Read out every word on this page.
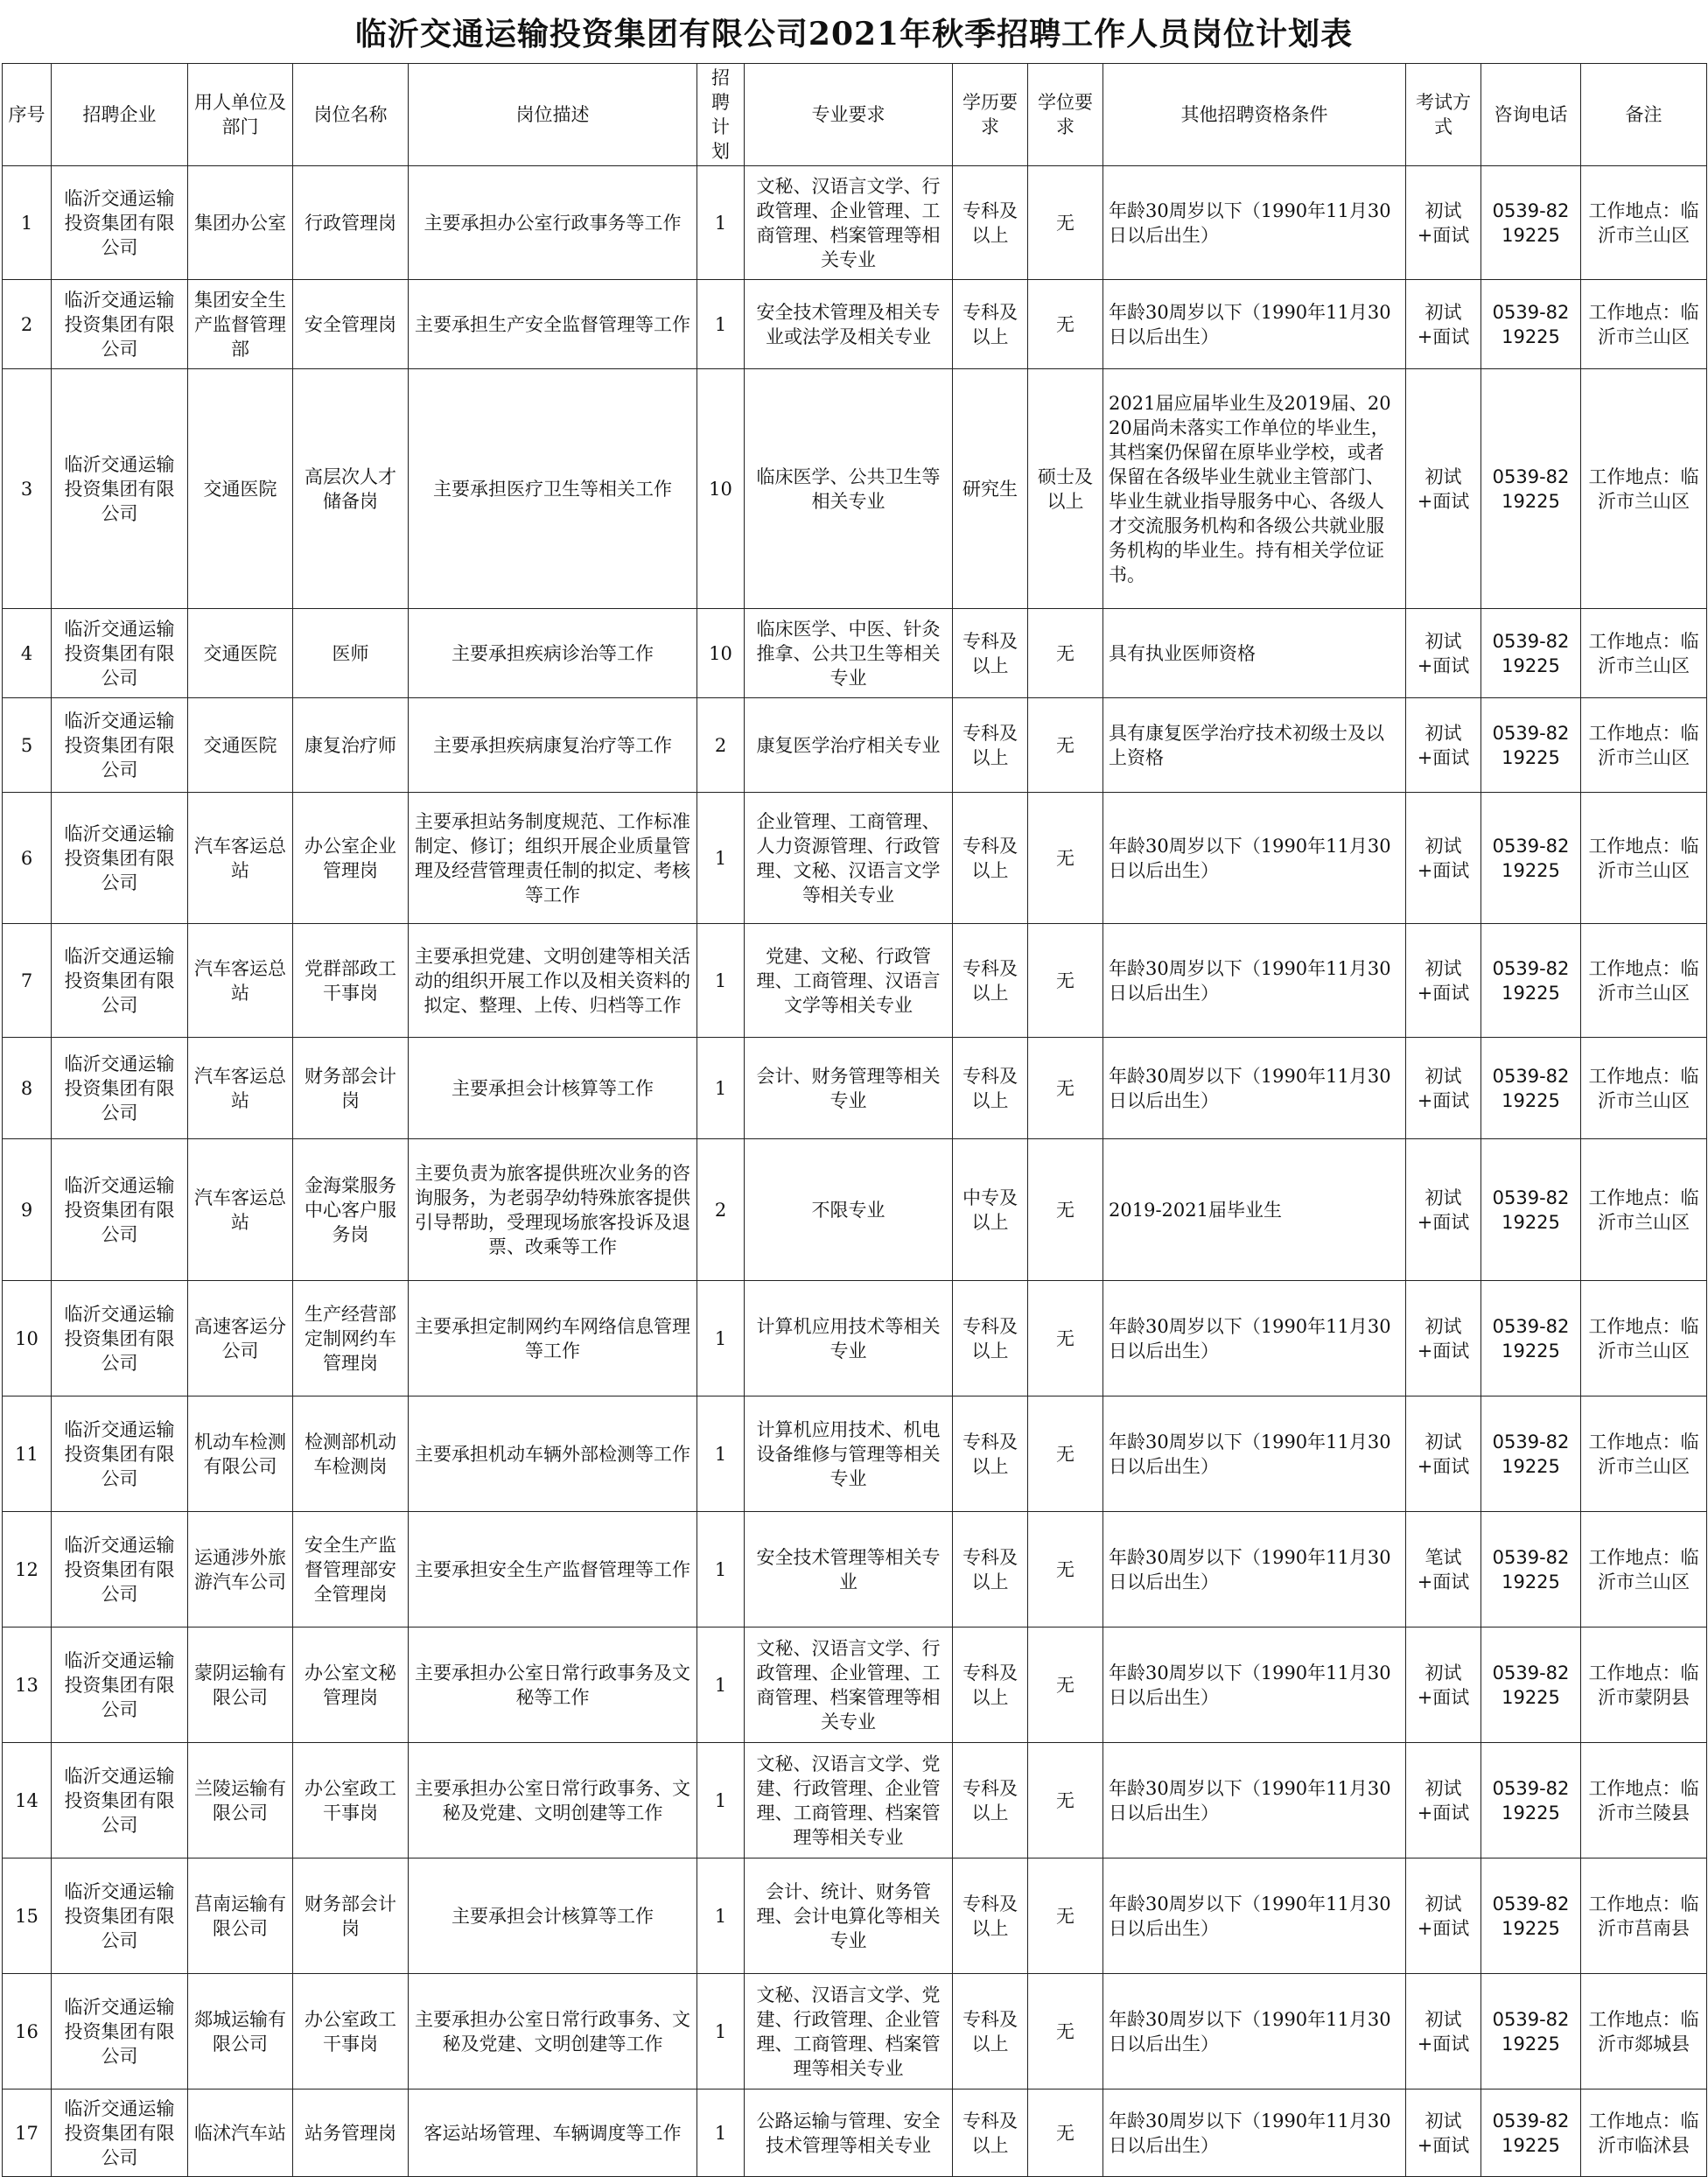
临沂交通运输投资集团有限公司2021年秋季招聘工作人员岗位计划表
序号	招聘企业	用人单位及部门	岗位名称	岗位描述	招聘计划	专业要求	学历要求	学位要求	其他招聘资格条件	考试方式	咨询电话	备注
1	临沂交通运输投资集团有限公司	集团办公室	行政管理岗	主要承担办公室行政事务等工作	1	文秘、汉语言文学、行政管理、企业管理、工商管理、档案管理等相关专业	专科及以上	无	年龄30周岁以下（1990年11月30日以后出生）	初试+面试	0539-8219225	工作地点：临沂市兰山区
2	临沂交通运输投资集团有限公司	集团安全生产监督管理部	安全管理岗	主要承担生产安全监督管理等工作	1	安全技术管理及相关专业或法学及相关专业	专科及以上	无	年龄30周岁以下（1990年11月30日以后出生）	初试+面试	0539-8219225	工作地点：临沂市兰山区
3	临沂交通运输投资集团有限公司	交通医院	高层次人才储备岗	主要承担医疗卫生等相关工作	10	临床医学、公共卫生等相关专业	研究生	硕士及以上	2021届应届毕业生及2019届、2020届尚未落实工作单位的毕业生，其档案仍保留在原毕业学校，或者保留在各级毕业生就业主管部门、毕业生就业指导服务中心、各级人才交流服务机构和各级公共就业服务机构的毕业生。持有相关学位证书。	初试+面试	0539-8219225	工作地点：临沂市兰山区
4	临沂交通运输投资集团有限公司	交通医院	医师	主要承担疾病诊治等工作	10	临床医学、中医、针灸推拿、公共卫生等相关专业	专科及以上	无	具有执业医师资格	初试+面试	0539-8219225	工作地点：临沂市兰山区
5	临沂交通运输投资集团有限公司	交通医院	康复治疗师	主要承担疾病康复治疗等工作	2	康复医学治疗相关专业	专科及以上	无	具有康复医学治疗技术初级士及以上资格	初试+面试	0539-8219225	工作地点：临沂市兰山区
6	临沂交通运输投资集团有限公司	汽车客运总站	办公室企业管理岗	主要承担站务制度规范、工作标准制定、修订；组织开展企业质量管理及经营管理责任制的拟定、考核等工作	1	企业管理、工商管理、人力资源管理、行政管理、文秘、汉语言文学等相关专业	专科及以上	无	年龄30周岁以下（1990年11月30日以后出生）	初试+面试	0539-8219225	工作地点：临沂市兰山区
7	临沂交通运输投资集团有限公司	汽车客运总站	党群部政工干事岗	主要承担党建、文明创建等相关活动的组织开展工作以及相关资料的拟定、整理、上传、归档等工作	1	党建、文秘、行政管理、工商管理、汉语言文学等相关专业	专科及以上	无	年龄30周岁以下（1990年11月30日以后出生）	初试+面试	0539-8219225	工作地点：临沂市兰山区
8	临沂交通运输投资集团有限公司	汽车客运总站	财务部会计岗	主要承担会计核算等工作	1	会计、财务管理等相关专业	专科及以上	无	年龄30周岁以下（1990年11月30日以后出生）	初试+面试	0539-8219225	工作地点：临沂市兰山区
9	临沂交通运输投资集团有限公司	汽车客运总站	金海棠服务中心客户服务岗	主要负责为旅客提供班次业务的咨询服务，为老弱孕幼特殊旅客提供引导帮助，受理现场旅客投诉及退票、改乘等工作	2	不限专业	中专及以上	无	2019-2021届毕业生	初试+面试	0539-8219225	工作地点：临沂市兰山区
10	临沂交通运输投资集团有限公司	高速客运分公司	生产经营部定制网约车管理岗	主要承担定制网约车网络信息管理等工作	1	计算机应用技术等相关专业	专科及以上	无	年龄30周岁以下（1990年11月30日以后出生）	初试+面试	0539-8219225	工作地点：临沂市兰山区
11	临沂交通运输投资集团有限公司	机动车检测有限公司	检测部机动车检测岗	主要承担机动车辆外部检测等工作	1	计算机应用技术、机电设备维修与管理等相关专业	专科及以上	无	年龄30周岁以下（1990年11月30日以后出生）	初试+面试	0539-8219225	工作地点：临沂市兰山区
12	临沂交通运输投资集团有限公司	运通涉外旅游汽车公司	安全生产监督管理部安全管理岗	主要承担安全生产监督管理等工作	1	安全技术管理等相关专业	专科及以上	无	年龄30周岁以下（1990年11月30日以后出生）	笔试+面试	0539-8219225	工作地点：临沂市兰山区
13	临沂交通运输投资集团有限公司	蒙阴运输有限公司	办公室文秘管理岗	主要承担办公室日常行政事务及文秘等工作	1	文秘、汉语言文学、行政管理、企业管理、工商管理、档案管理等相关专业	专科及以上	无	年龄30周岁以下（1990年11月30日以后出生）	初试+面试	0539-8219225	工作地点：临沂市蒙阴县
14	临沂交通运输投资集团有限公司	兰陵运输有限公司	办公室政工干事岗	主要承担办公室日常行政事务、文秘及党建、文明创建等工作	1	文秘、汉语言文学、党建、行政管理、企业管理、工商管理、档案管理等相关专业	专科及以上	无	年龄30周岁以下（1990年11月30日以后出生）	初试+面试	0539-8219225	工作地点：临沂市兰陵县
15	临沂交通运输投资集团有限公司	莒南运输有限公司	财务部会计岗	主要承担会计核算等工作	1	会计、统计、财务管理、会计电算化等相关专业	专科及以上	无	年龄30周岁以下（1990年11月30日以后出生）	初试+面试	0539-8219225	工作地点：临沂市莒南县
16	临沂交通运输投资集团有限公司	郯城运输有限公司	办公室政工干事岗	主要承担办公室日常行政事务、文秘及党建、文明创建等工作	1	文秘、汉语言文学、党建、行政管理、企业管理、工商管理、档案管理等相关专业	专科及以上	无	年龄30周岁以下（1990年11月30日以后出生）	初试+面试	0539-8219225	工作地点：临沂市郯城县
17	临沂交通运输投资集团有限公司	临沭汽车站	站务管理岗	客运站场管理、车辆调度等工作	1	公路运输与管理、安全技术管理等相关专业	专科及以上	无	年龄30周岁以下（1990年11月30日以后出生）	初试+面试	0539-8219225	工作地点：临沂市临沭县
